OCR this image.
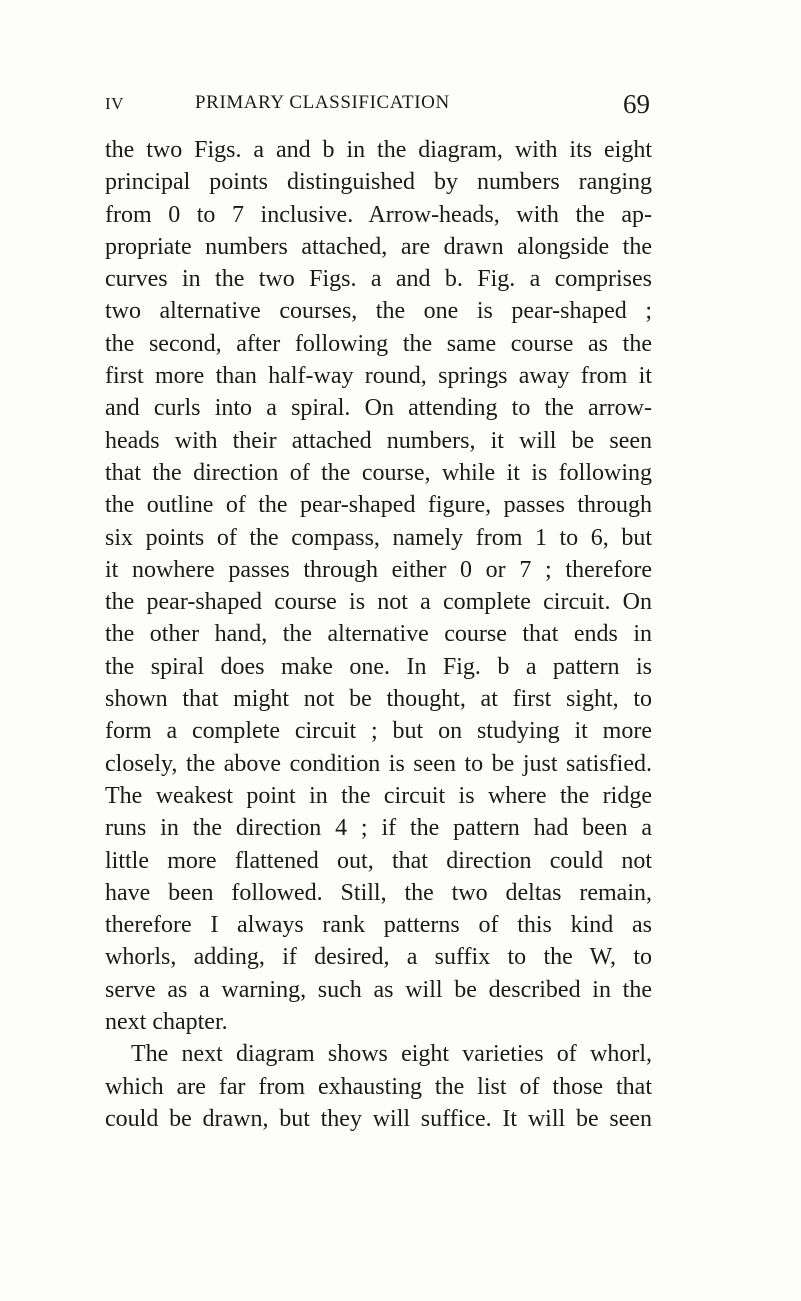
IV	PRIMARY CLASSIFICATION	69
the two Figs. a and b in the diagram, with its eight
principal points distinguished by numbers ranging
from 0 to 7 inclusive. Arrow-heads, with the ap-
propriate numbers attached, are drawn alongside the
curves in the two Figs. a and b. Fig. a comprises
two alternative courses, the one is pear-shaped ;
the second, after following the same course as the
first more than half-way round, springs away from it
and curls into a spiral. On attending to the arrow-
heads with their attached numbers, it will be seen
that the direction of the course, while it is following
the outline of the pear-shaped figure, passes through
six points of the compass, namely from 1 to 6, but
it nowhere passes through either 0 or 7 ; therefore
the pear-shaped course is not a complete circuit. On
the other hand, the alternative course that ends in
the spiral does make one. In Fig. b a pattern is
shown that might not be thought, at first sight, to
form a complete circuit ; but on studying it more
closely, the above condition is seen to be just satisfied.
The weakest point in the circuit is where the ridge
runs in the direction 4 ; if the pattern had been a
little more flattened out, that direction could not
have been followed. Still, the two deltas remain,
therefore I always rank patterns of this kind as
whorls, adding, if desired, a suffix to the W, to
serve as a warning, such as will be described in the
next chapter.
The next diagram shows eight varieties of whorl,
which are far from exhausting the list of those that
could be drawn, but they will suffice. It will be seen
